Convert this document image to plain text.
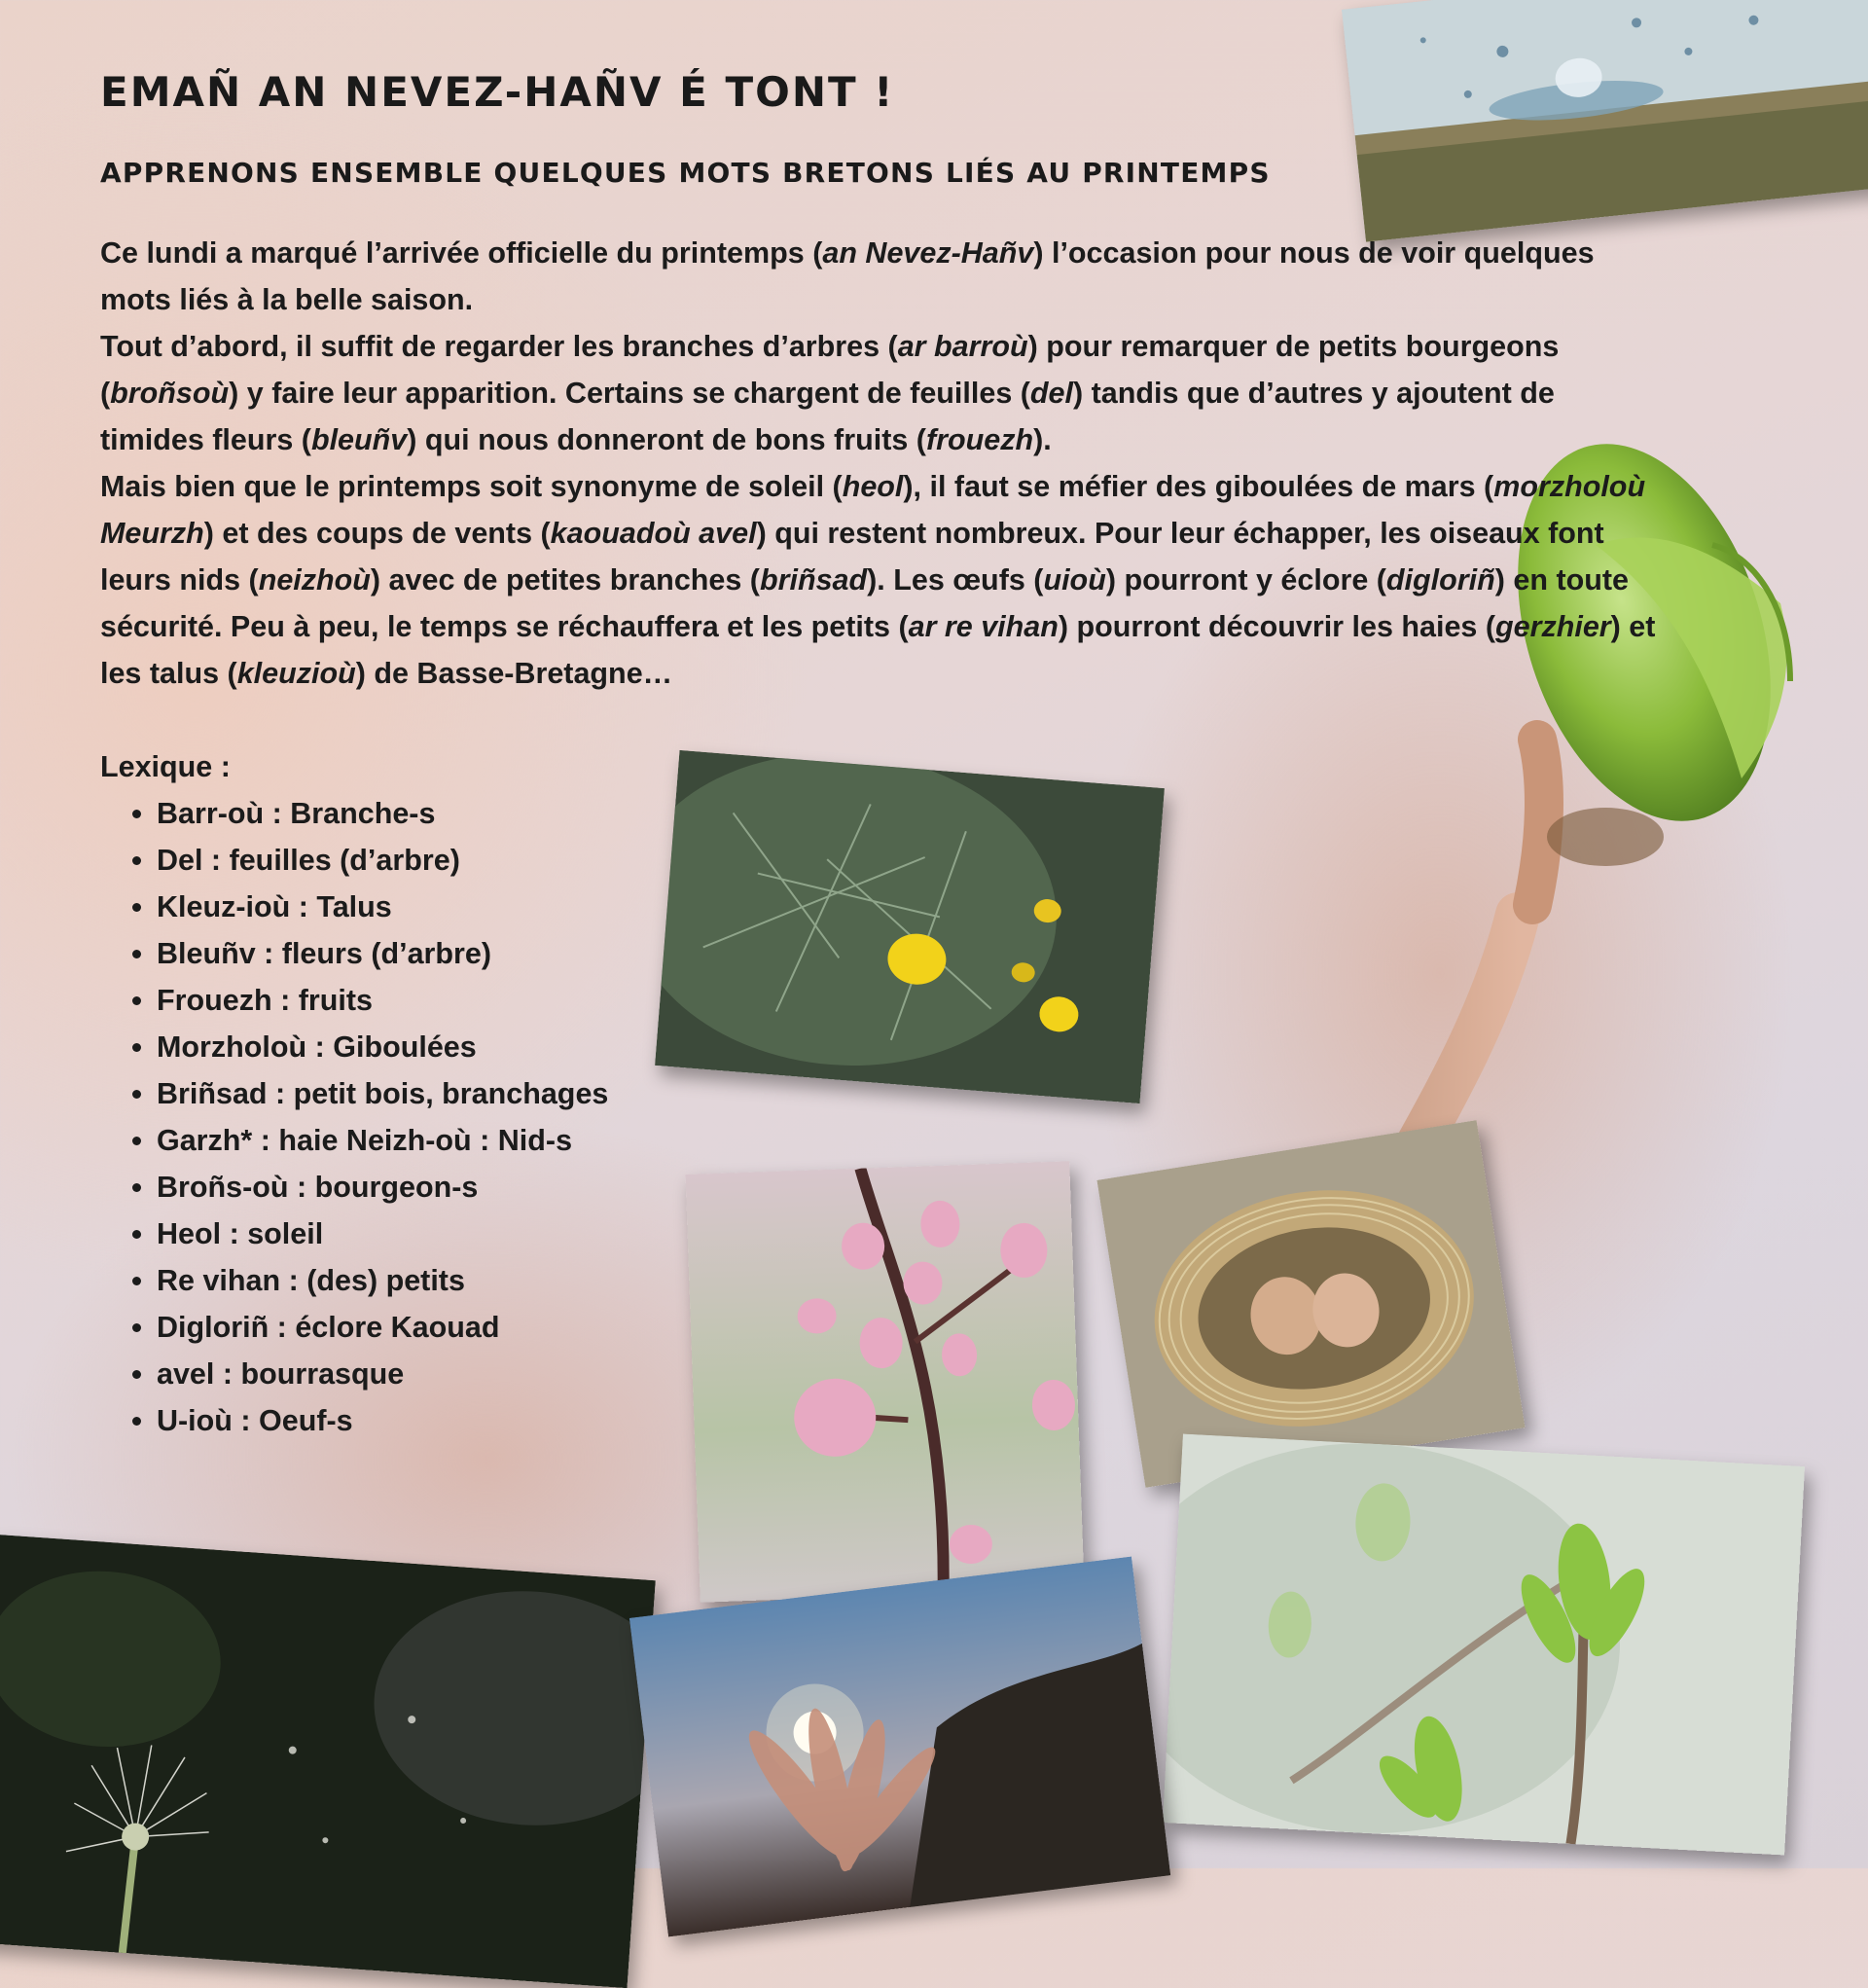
EMAÑ AN NEVEZ-HAÑV É TONT !
APPRENONS ENSEMBLE QUELQUES MOTS BRETONS LIÉS AU PRINTEMPS

Ce lundi a marqué l’arrivée officielle du printemps (an Nevez-Hañv) l’occasion pour nous de voir quelques mots liés à la belle saison.

Tout d’abord, il suffit de regarder les branches d’arbres (ar barroù) pour remarquer de petits bourgeons (broñsoù) y faire leur apparition. Certains se chargent de feuilles (del) tandis que d’autres y ajoutent de timides fleurs (bleuñv) qui nous donneront de bons fruits (frouezh).

Mais bien que le printemps soit synonyme de soleil (heol), il faut se méfier des giboulées de mars (morzholoù Meurzh) et des coups de vents (kaouadoù avel) qui restent nombreux. Pour leur échapper, les oiseaux font leurs nids (neizhoù) avec de petites branches (briñsad). Les œufs (uioù) pourront y éclore (digloriñ) en toute sécurité. Peu à peu, le temps se réchauffera et les petits (ar re vihan) pourront découvrir les haies (gerzhier) et les talus (kleuzioù) de Basse-Bretagne…

Lexique :
• Barr-où : Branche-s
• Del : feuilles (d’arbre)
• Kleuz-ioù : Talus
• Bleuñv : fleurs (d’arbre)
• Frouezh : fruits
• Morzholoù : Giboulées
• Briñsad : petit bois, branchages
• Garzh* : haie Neizh-où : Nid-s
• Broñs-où : bourgeon-s
• Heol : soleil
• Re vihan : (des) petits
• Digloriñ : éclore Kaouad
• avel : bourrasque
• U-ioù : Oeuf-s
